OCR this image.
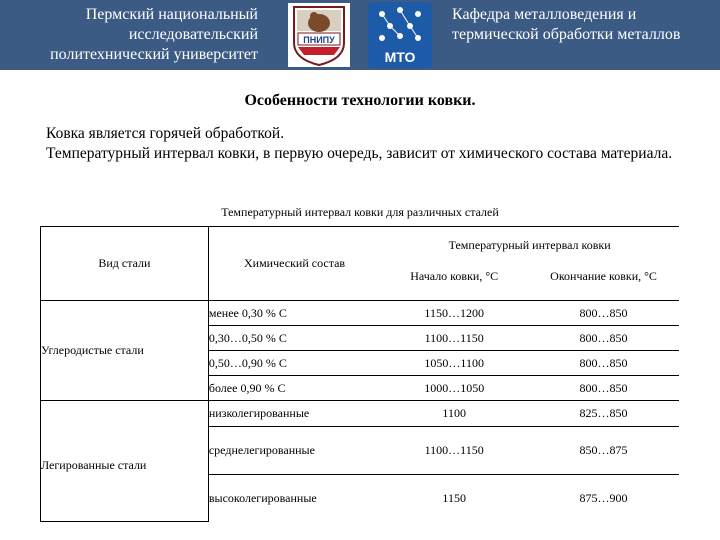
Пермский национальный исследовательский политехнический университет
ПНИПУ
МТО
Кафедра металловедения и термической обработки металлов
Особенности технологии ковки.

Ковка является горячей обработкой.

Температурный интервал ковки, в первую очередь, зависит от химического состава материала.

Температурный интервал ковки для различных сталей
Вид стали	Химический состав	Температурный интервал ковки	
		Начало ковки, °С	Окончание ковки, °С
Углеродистые стали	менее 0,30 % С	1150…1200	800…850
	0,30…0,50 % С	1100…1150	800…850
	0,50…0,90 % С	1050…1100	800…850
	более 0,90 % С	1000…1050	800…850
Легированные стали	низколегированные	1100	825…850
	среднелегированные	1100…1150	850…875
	высоколегированные	1150	875…900
